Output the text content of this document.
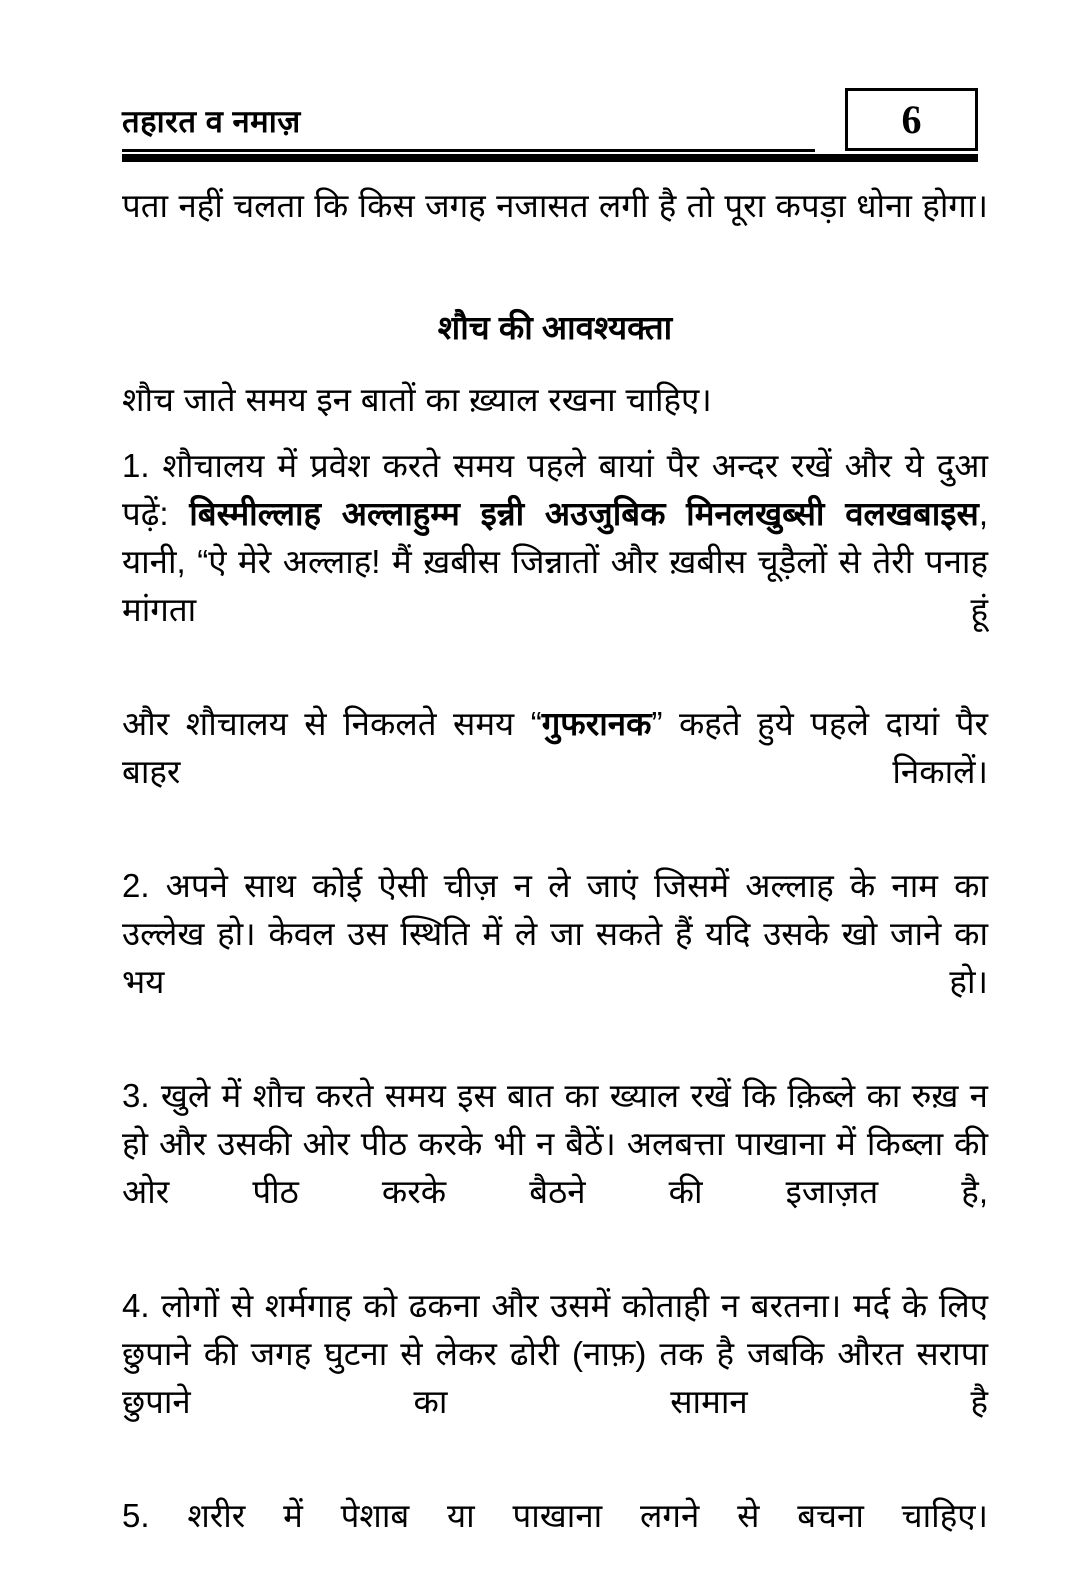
तहारत व नमाज़	6

पता नहीं चलता कि किस जगह नजासत लगी है तो पूरा कपड़ा धोना होगा।

शौच की आवश्यक्ता

शौच जाते समय इन बातों का ख़्याल रखना चाहिए।

1. शौचालय में प्रवेश करते समय पहले बायां पैर अन्दर रखें और ये दुआ पढ़ें: बिस्मील्लाह अल्लाहुम्म इन्नी अउजुबिक मिनलखुब्सी वलखबाइस, यानी, “ऐ मेरे अल्लाह! मैं ख़बीस जिन्नातों और ख़बीस चूड़ैलों से तेरी पनाह मांगता हूं

और शौचालय से निकलते समय “गुफरानक” कहते हुये पहले दायां पैर बाहर निकालें।

2. अपने साथ कोई ऐसी चीज़ न ले जाएं जिसमें अल्लाह के नाम का उल्लेख हो। केवल उस स्थिति में ले जा सकते हैं यदि उसके खो जाने का भय हो।

3. खुले में शौच करते समय इस बात का ख्याल रखें कि क़िब्ले का रुख़ न हो और उसकी ओर पीठ करके भी न बैठें। अलबत्ता पाखाना में किब्ला की ओर पीठ करके बैठने की इजाज़त है,

4. लोगों से शर्मगाह को ढकना और उसमें कोताही न बरतना। मर्द के लिए छुपाने की जगह घुटना से लेकर ढोरी (नाफ़) तक है जबकि औरत सरापा छुपाने का सामान है

5. शरीर में पेशाब या पाखाना लगने से बचना चाहिए।
